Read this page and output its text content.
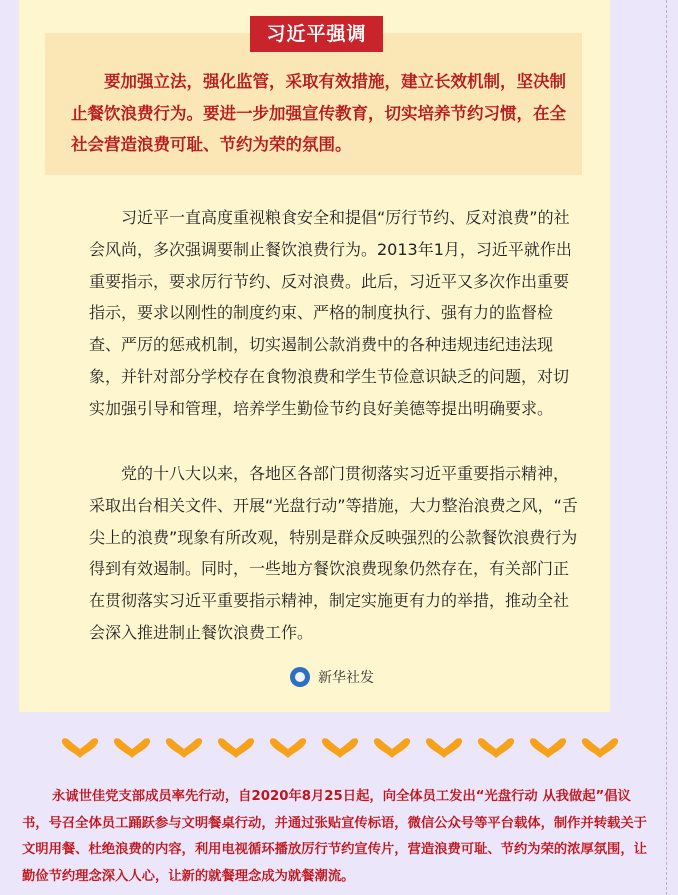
习近平强调

要加强立法，强化监管，采取有效措施，建立长效机制，坚决制止餐饮浪费行为。要进一步加强宣传教育，切实培养节约习惯，在全社会营造浪费可耻、节约为荣的氛围。

习近平一直高度重视粮食安全和提倡“厉行节约、反对浪费”的社会风尚，多次强调要制止餐饮浪费行为。2013年1月，习近平就作出重要指示，要求厉行节约、反对浪费。此后，习近平又多次作出重要指示，要求以刚性的制度约束、严格的制度执行、强有力的监督检查、严厉的惩戒机制，切实遏制公款消费中的各种违规违纪违法现象，并针对部分学校存在食物浪费和学生节俭意识缺乏的问题，对切实加强引导和管理，培养学生勤俭节约良好美德等提出明确要求。

党的十八大以来，各地区各部门贯彻落实习近平重要指示精神，采取出台相关文件、开展“光盘行动”等措施，大力整治浪费之风，“舌尖上的浪费”现象有所改观，特别是群众反映强烈的公款餐饮浪费行为得到有效遏制。同时，一些地方餐饮浪费现象仍然存在，有关部门正在贯彻落实习近平重要指示精神，制定实施更有力的举措，推动全社会深入推进制止餐饮浪费工作。

新华社发

永诚世佳党支部成员率先行动，自2020年8月25日起，向全体员工发出“光盘行动 从我做起”倡议书，号召全体员工踊跃参与文明餐桌行动，并通过张贴宣传标语，微信公众号等平台载体，制作并转载关于文明用餐、杜绝浪费的内容，利用电视循环播放厉行节约宣传片，营造浪费可耻、节约为荣的浓厚氛围，让勤俭节约理念深入人心，让新的就餐理念成为就餐潮流。
